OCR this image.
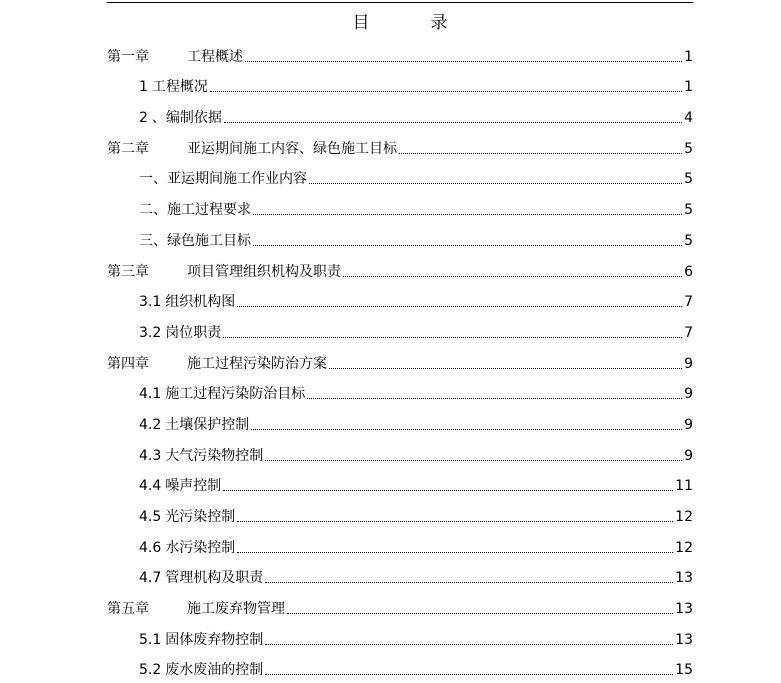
目	录
第一章	工程概述	1
1 工程概况	1
2 、编制依据	4
第二章	亚运期间施工内容、绿色施工目标	5
一、亚运期间施工作业内容	5
二、施工过程要求	5
三、绿色施工目标	5
第三章	项目管理组织机构及职责	6
3.1 组织机构图	7
3.2 岗位职责	7
第四章	施工过程污染防治方案	9
4.1 施工过程污染防治目标	9
4.2 土壤保护控制	9
4.3 大气污染物控制	9
4.4 噪声控制	11
4.5 光污染控制	12
4.6 水污染控制	12
4.7 管理机构及职责	13
第五章	施工废弃物管理	13
5.1 固体废弃物控制	13
5.2 废水废油的控制	15
